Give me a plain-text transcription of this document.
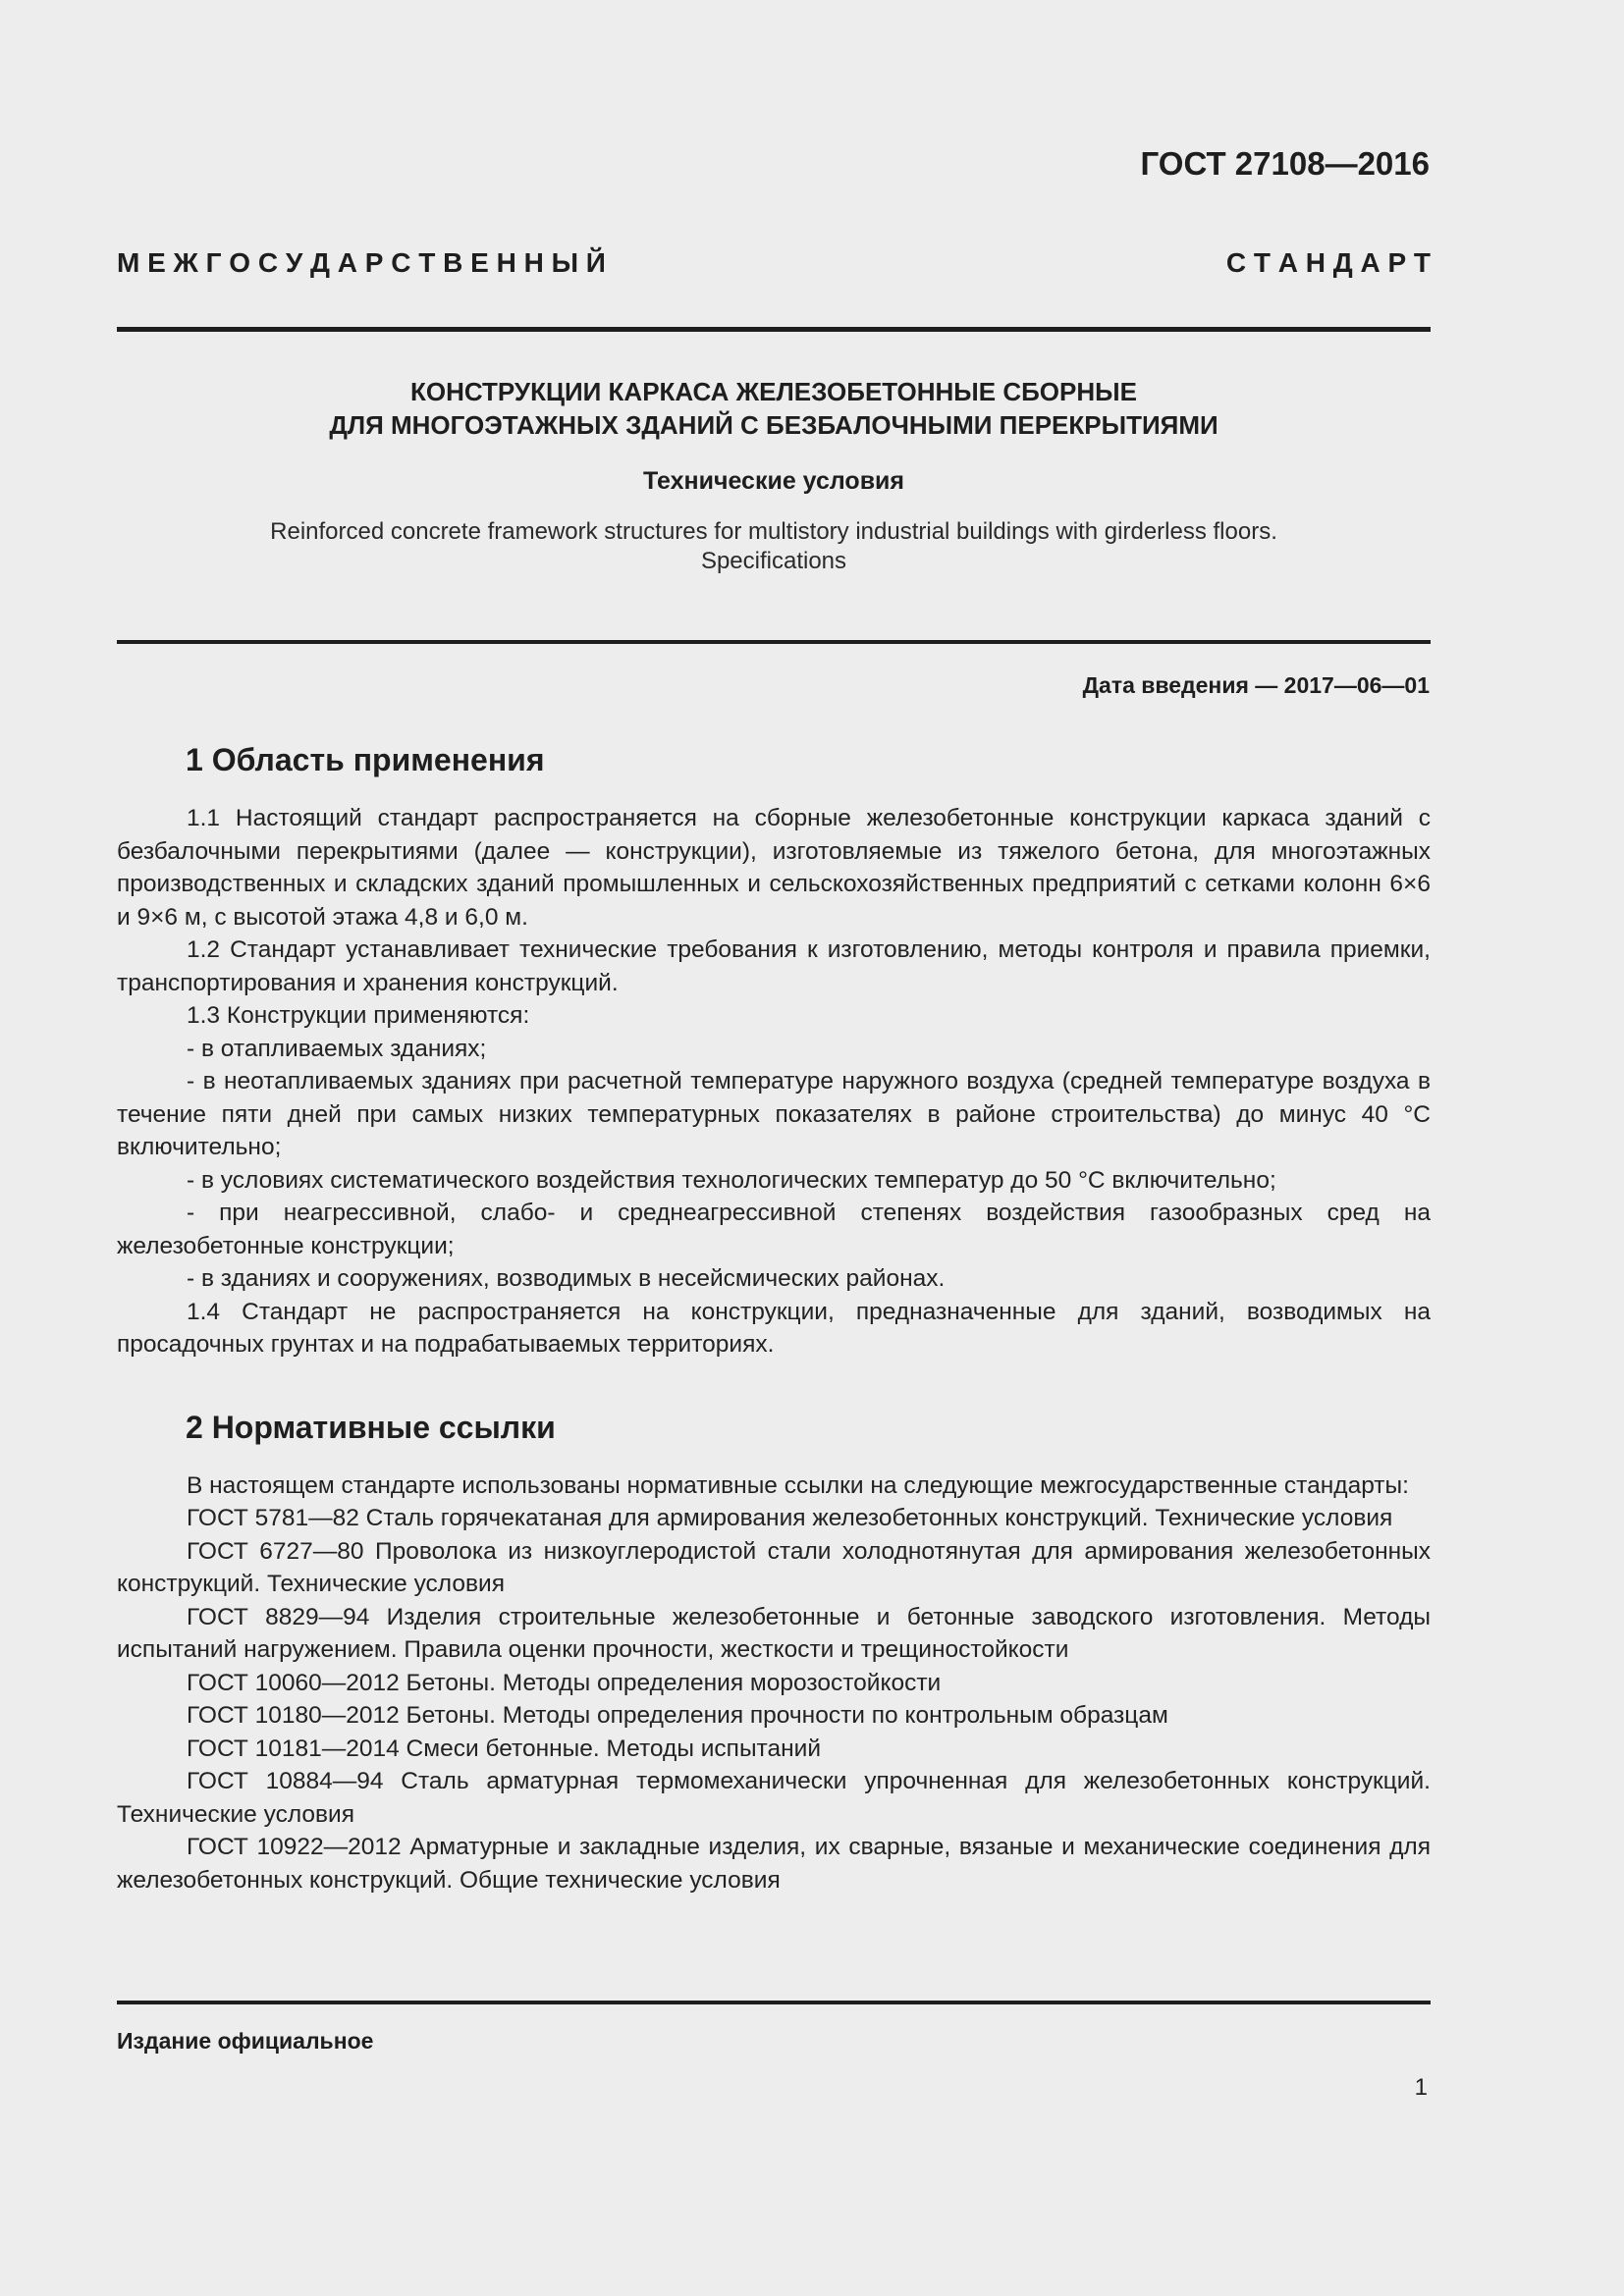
ГОСТ 27108—2016
М Е Ж Г О С У Д А Р С Т В Е Н Н Ы Й	С Т А Н Д А Р Т
КОНСТРУКЦИИ КАРКАСА ЖЕЛЕЗОБЕТОННЫЕ СБОРНЫЕ
ДЛЯ МНОГОЭТАЖНЫХ ЗДАНИЙ С БЕЗБАЛОЧНЫМИ ПЕРЕКРЫТИЯМИ
Технические условия
Reinforced concrete framework structures for multistory industrial buildings with girderless floors.
Specifications
Дата введения — 2017—06—01
1 Область применения

1.1 Настоящий стандарт распространяется на сборные железобетонные конструкции каркаса зданий с безбалочными перекрытиями (далее — конструкции), изготовляемые из тяжелого бетона, для многоэтажных производственных и складских зданий промышленных и сельскохозяйственных предприятий с сетками колонн 6×6 и 9×6 м, с высотой этажа 4,8 и 6,0 м.

1.2 Стандарт устанавливает технические требования к изготовлению, методы контроля и правила приемки, транспортирования и хранения конструкций.

1.3 Конструкции применяются:

- в отапливаемых зданиях;

- в неотапливаемых зданиях при расчетной температуре наружного воздуха (средней температуре воздуха в течение пяти дней при самых низких температурных показателях в районе строительства) до минус 40 °С включительно;

- в условиях систематического воздействия технологических температур до 50 °С включительно;

- при неагрессивной, слабо- и среднеагрессивной степенях воздействия газообразных сред на железобетонные конструкции;

- в зданиях и сооружениях, возводимых в несейсмических районах.

1.4 Стандарт не распространяется на конструкции, предназначенные для зданий, возводимых на просадочных грунтах и на подрабатываемых территориях.

2 Нормативные ссылки

В настоящем стандарте использованы нормативные ссылки на следующие межгосударственные стандарты:

ГОСТ 5781—82 Сталь горячекатаная для армирования железобетонных конструкций. Технические условия

ГОСТ 6727—80 Проволока из низкоуглеродистой стали холоднотянутая для армирования железобетонных конструкций. Технические условия

ГОСТ 8829—94 Изделия строительные железобетонные и бетонные заводского изготовления. Методы испытаний нагружением. Правила оценки прочности, жесткости и трещиностойкости

ГОСТ 10060—2012 Бетоны. Методы определения морозостойкости

ГОСТ 10180—2012 Бетоны. Методы определения прочности по контрольным образцам

ГОСТ 10181—2014 Смеси бетонные. Методы испытаний

ГОСТ 10884—94 Сталь арматурная термомеханически упрочненная для железобетонных конструкций. Технические условия

ГОСТ 10922—2012 Арматурные и закладные изделия, их сварные, вязаные и механические соединения для железобетонных конструкций. Общие технические условия

Издание официальное
1
